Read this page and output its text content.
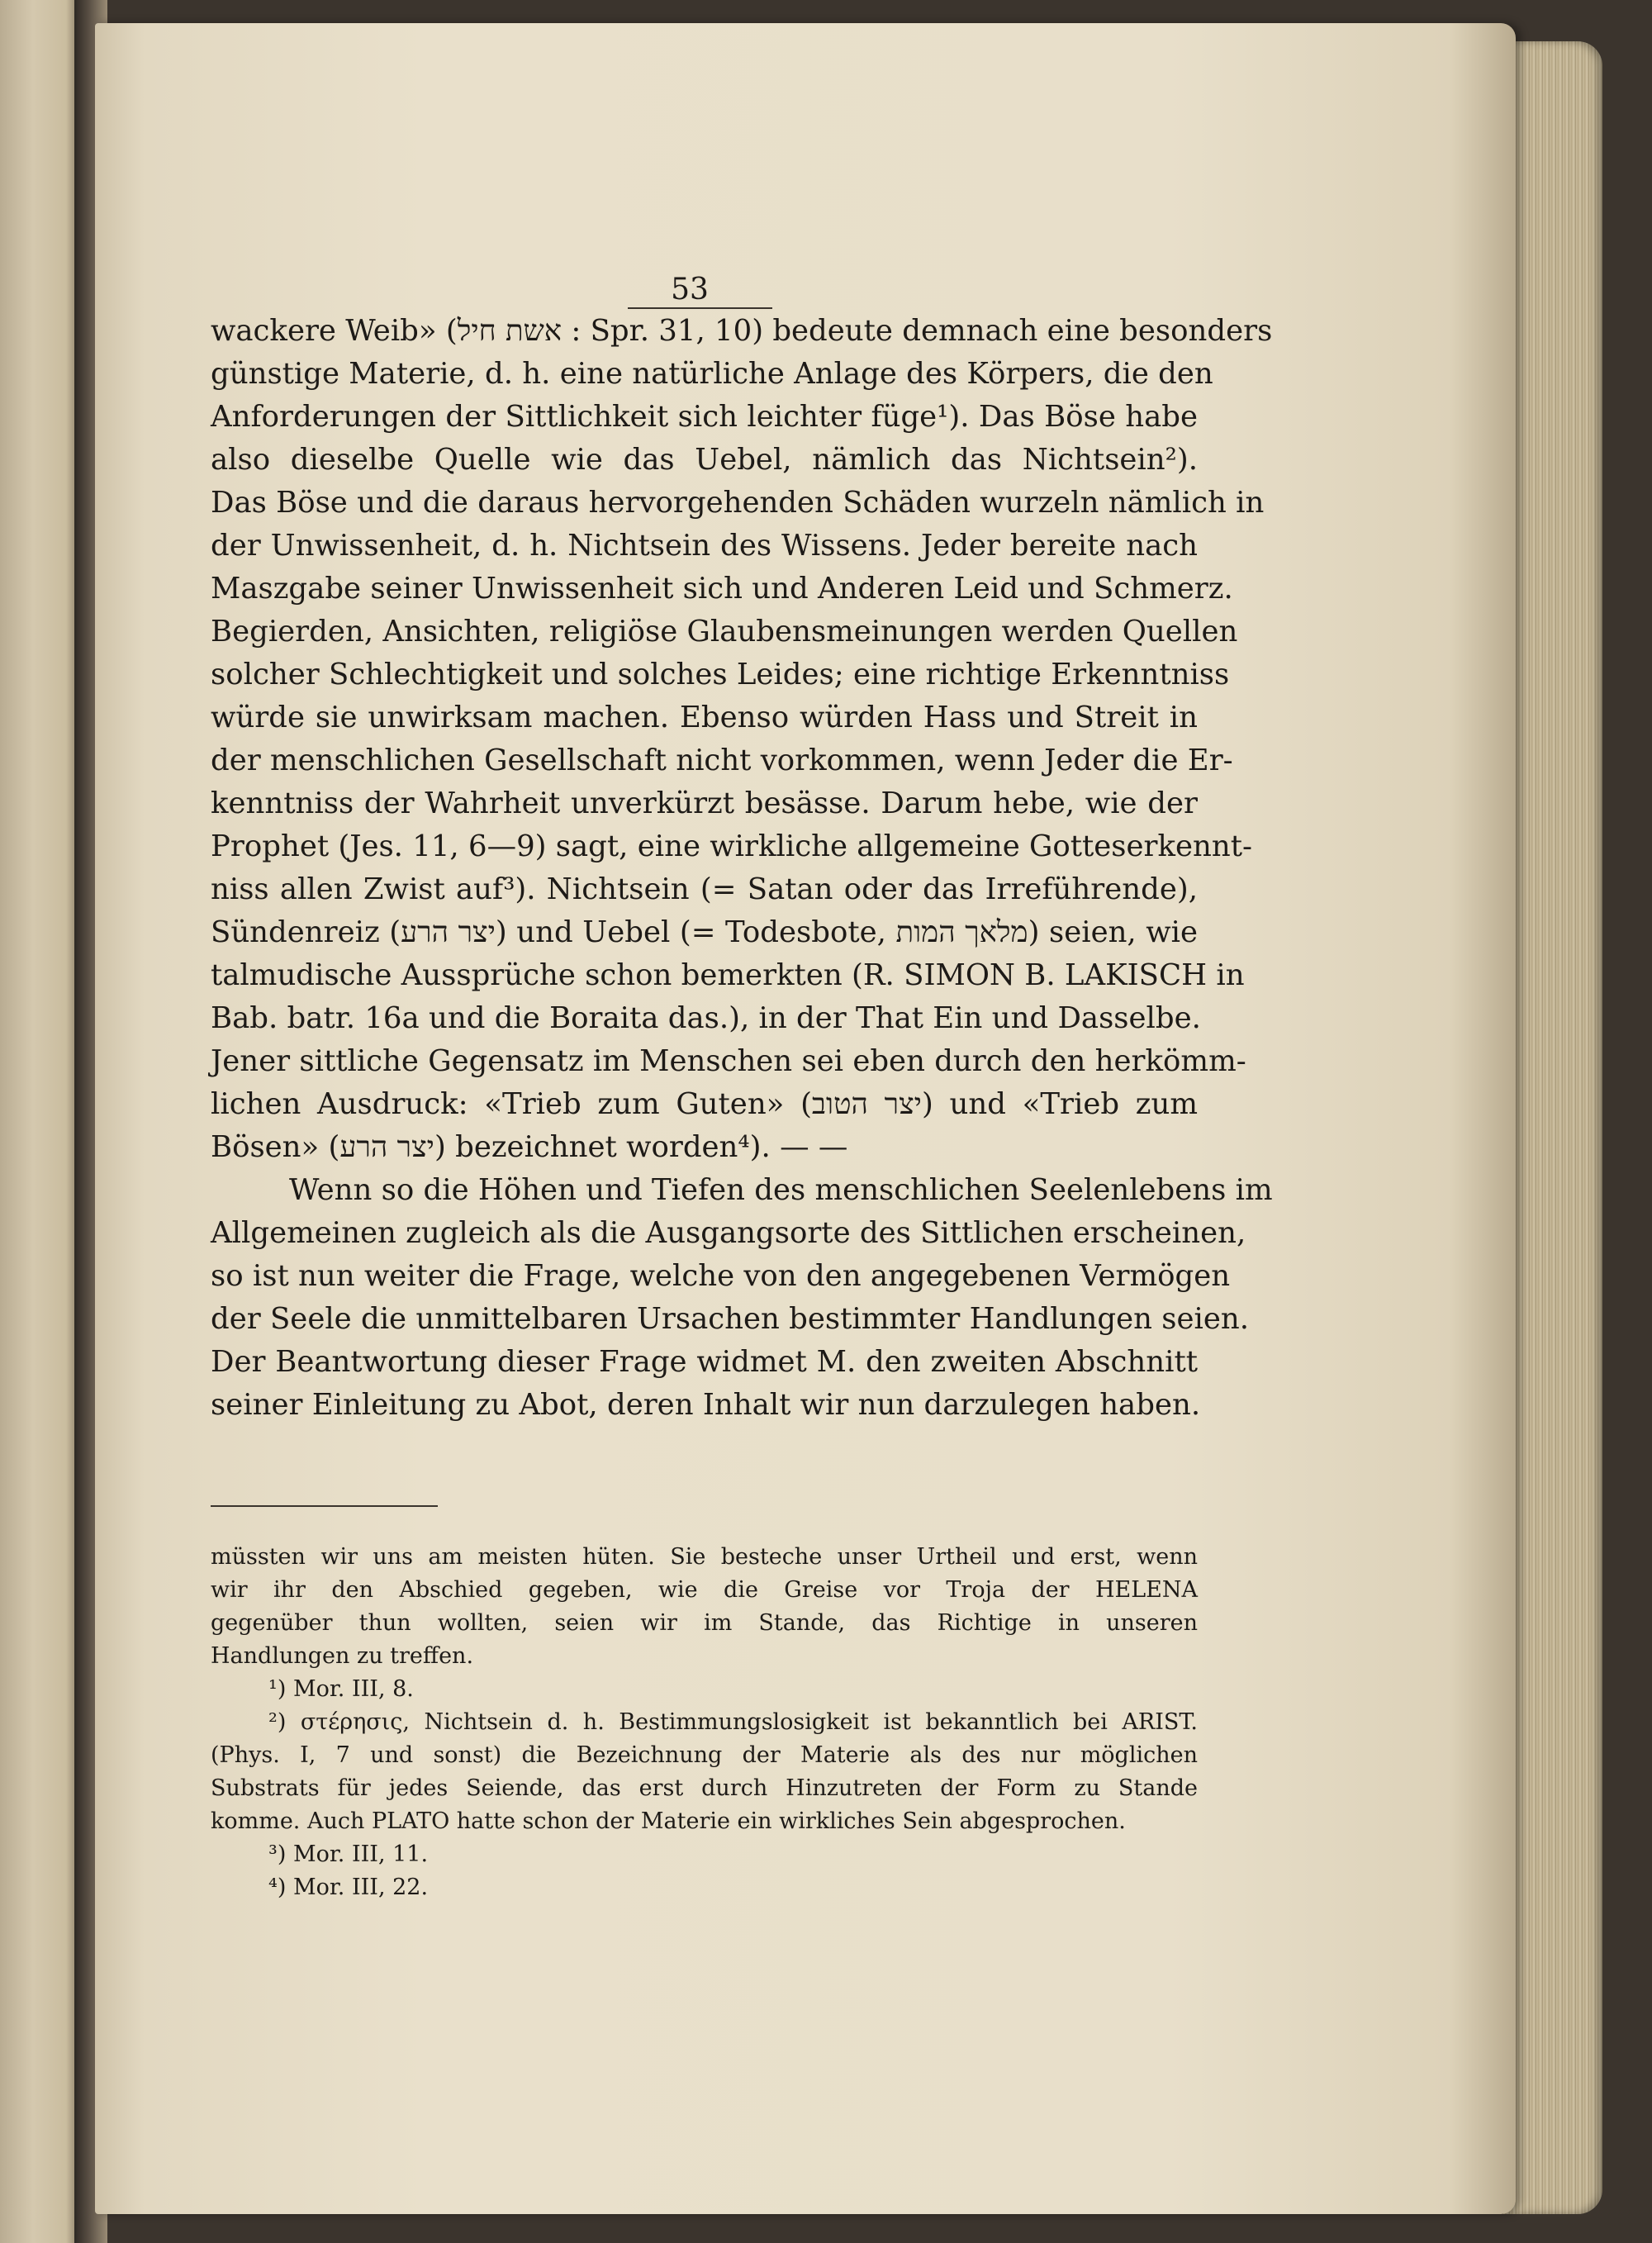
53
wackere Weib» (אשת חיל : Spr. 31, 10) bedeute demnach eine besonders
günstige Materie, d. h. eine natürliche Anlage des Körpers, die den
Anforderungen der Sittlichkeit sich leichter füge¹). Das Böse habe
also dieselbe Quelle wie das Uebel, nämlich das Nichtsein²).
Das Böse und die daraus hervorgehenden Schäden wurzeln nämlich in
der Unwissenheit, d. h. Nichtsein des Wissens. Jeder bereite nach
Maszgabe seiner Unwissenheit sich und Anderen Leid und Schmerz.
Begierden, Ansichten, religiöse Glaubensmeinungen werden Quellen
solcher Schlechtigkeit und solches Leides; eine richtige Erkenntniss
würde sie unwirksam machen. Ebenso würden Hass und Streit in
der menschlichen Gesellschaft nicht vorkommen, wenn Jeder die Er-
kenntniss der Wahrheit unverkürzt besässe. Darum hebe, wie der
Prophet (Jes. 11, 6—9) sagt, eine wirkliche allgemeine Gotteserkennt-
niss allen Zwist auf³). Nichtsein (= Satan oder das Irreführende),
Sündenreiz (יצר הרע) und Uebel (= Todesbote, מלאך המות) seien, wie
talmudische Aussprüche schon bemerkten (R. SIMON B. LAKISCH in
Bab. batr. 16a und die Boraita das.), in der That Ein und Dasselbe.
Jener sittliche Gegensatz im Menschen sei eben durch den herkömm-
lichen Ausdruck: «Trieb zum Guten» (יצר הטוב) und «Trieb zum
Bösen» (יצר הרע) bezeichnet worden⁴). — —
Wenn so die Höhen und Tiefen des menschlichen Seelenlebens im
Allgemeinen zugleich als die Ausgangsorte des Sittlichen erscheinen,
so ist nun weiter die Frage, welche von den angegebenen Vermögen
der Seele die unmittelbaren Ursachen bestimmter Handlungen seien.
Der Beantwortung dieser Frage widmet M. den zweiten Abschnitt
seiner Einleitung zu Abot, deren Inhalt wir nun darzulegen haben.
müssten wir uns am meisten hüten. Sie besteche unser Urtheil und erst, wenn
wir ihr den Abschied gegeben, wie die Greise vor Troja der HELENA
gegenüber thun wollten, seien wir im Stande, das Richtige in unseren
Handlungen zu treffen.
¹) Mor. III, 8.
²) στέρησις, Nichtsein d. h. Bestimmungslosigkeit ist bekanntlich bei ARIST.
(Phys. I, 7 und sonst) die Bezeichnung der Materie als des nur möglichen
Substrats für jedes Seiende, das erst durch Hinzutreten der Form zu Stande
komme. Auch PLATO hatte schon der Materie ein wirkliches Sein abgesprochen.
³) Mor. III, 11.
⁴) Mor. III, 22.
